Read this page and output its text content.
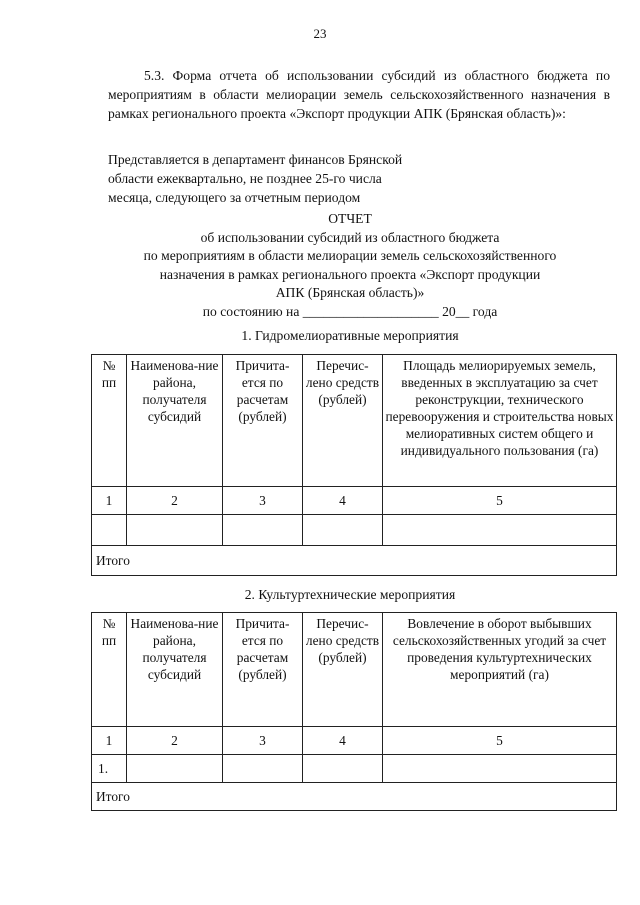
23
5.3. Форма отчета об использовании субсидий из областного бюджета по мероприятиям в области мелиорации земель сельскохозяйственного назначения в рамках регионального проекта «Экспорт продукции АПК (Брянская область)»:
Представляется в департамент финансов Брянской
области ежеквартально, не позднее 25-го числа
месяца, следующего за отчетным периодом
ОТЧЕТ
об использовании субсидий из областного бюджета
по мероприятиям в области мелиорации земель сельскохозяйственного
назначения в рамках регионального проекта «Экспорт продукции
АПК (Брянская область)»
по состоянию на ____________________ 20__ года
1. Гидромелиоративные мероприятия
№ пп	Наименова-ние района, получателя субсидий	Причита-ется по расчетам (рублей)	Перечис-лено средств (рублей)	Площадь мелиорируемых земель, введенных в эксплуатацию за счет реконструкции, технического перевооружения и строительства новых мелиоративных систем общего и индивидуального пользования (га)
1	2	3	4	5

Итого				
2. Культуртехнические мероприятия
№ пп	Наименова-ние района, получателя субсидий	Причита-ется по расчетам (рублей)	Перечис-лено средств (рублей)	Вовлечение в оборот выбывших сельскохозяйственных угодий за счет проведения культуртехнических мероприятий (га)
1	2	3	4	5
1.				
Итого				
